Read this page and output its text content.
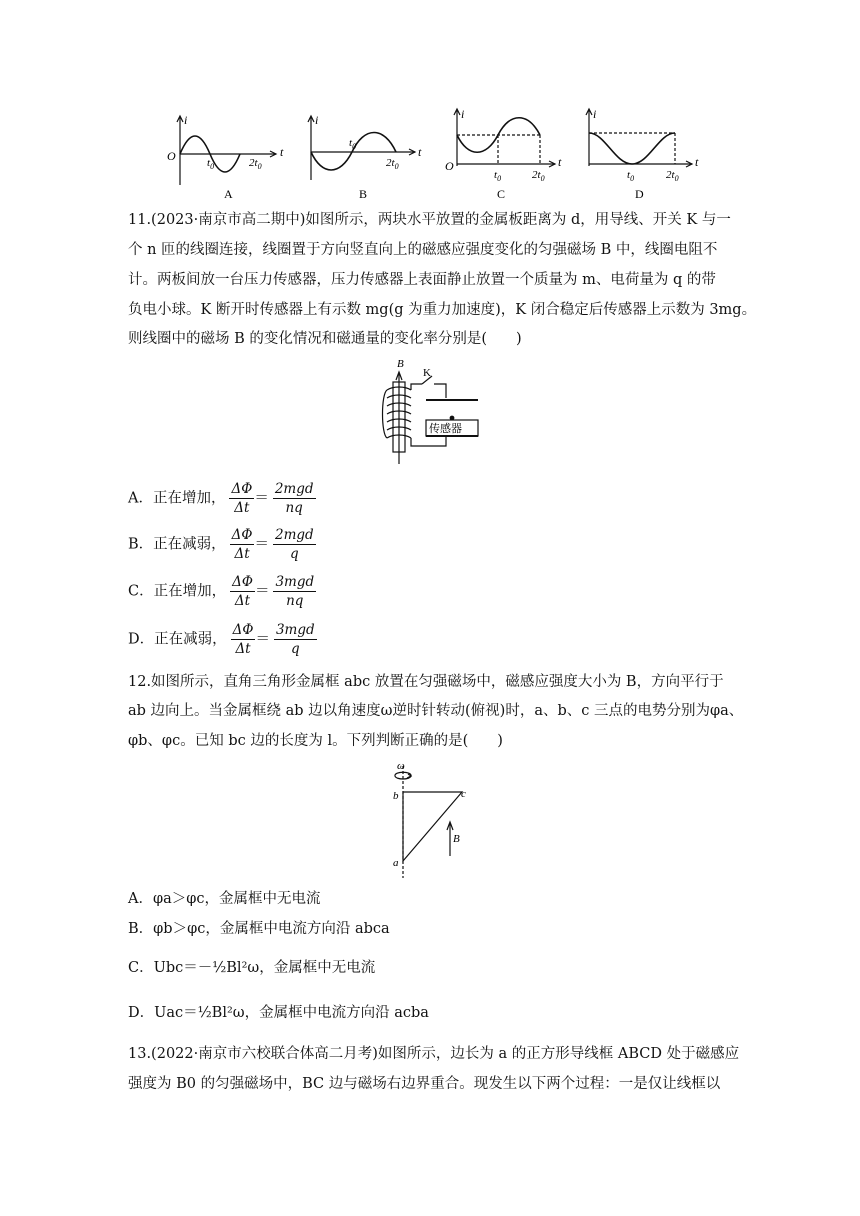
O
i
t
$t_0$	$2t_0$
A
i
t
$t_0$
$2t_0$
B
O
i
t
$t_0$	$2t_0$
C
i
t
$t_0$	$2t_0$
D
11.(2023·南京市高二期中)如图所示，两块水平放置的金属板距离为 d，用导线、开关 K 与一
个 n 匝的线圈连接，线圈置于方向竖直向上的磁感应强度变化的匀强磁场 B 中，线圈电阻不
计。两板间放一台压力传感器，压力传感器上表面静止放置一个质量为 m、电荷量为 q 的带
负电小球。K 断开时传感器上有示数 mg(g 为重力加速度)，K 闭合稳定后传感器上示数为 3mg。
则线圈中的磁场 B 的变化情况和磁通量的变化率分别是(　　)
B
K
传感器
A．正在增加， $\frac{\Delta\Phi}{\Delta t} = \frac{\text{2mgd}}{nq}$
B．正在减弱， $\frac{\Delta\Phi}{\Delta t} = \frac{\text{2mgd}}{q}$
C．正在增加， $\frac{\Delta\Phi}{\Delta t} = \frac{\text{3mgd}}{nq}$
D．正在减弱， $\frac{\Delta\Phi}{\Delta t} = \frac{\text{3mgd}}{q}$
12.如图所示，直角三角形金属框 abc 放置在匀强磁场中，磁感应强度大小为 B，方向平行于
ab 边向上。当金属框绕 ab 边以角速度ω逆时针转动(俯视)时，a、b、c 三点的电势分别为φa、
φb、φc。已知 bc 边的长度为 l。下列判断正确的是(　　)
ω
b	c
a
B
A．φa＞φc，金属框中无电流
B．φb＞φc，金属框中电流方向沿 abca
C．Ubc＝－½Bl²ω，金属框中无电流
D．Uac＝½Bl²ω，金属框中电流方向沿 acba
13.(2022·南京市六校联合体高二月考)如图所示，边长为 a 的正方形导线框 ABCD 处于磁感应
强度为 B0 的匀强磁场中，BC 边与磁场右边界重合。现发生以下两个过程：一是仅让线框以
